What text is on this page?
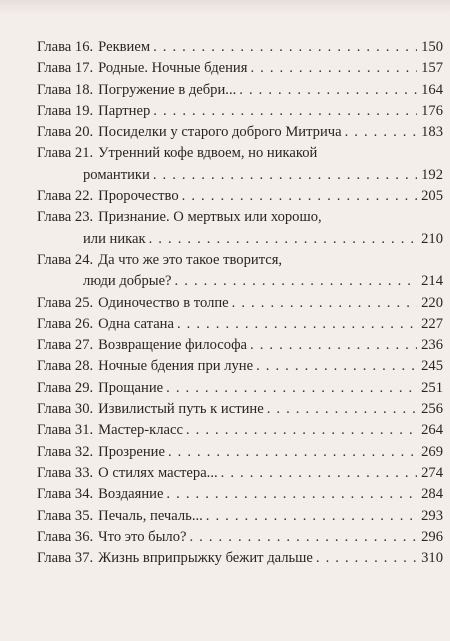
Глава 16. Реквием . . .	150
Глава 17. Родные. Ночные бдения . . .	157
Глава 18. Погружение в дебри... . . .	164
Глава 19. Партнер . . .	176
Глава 20. Посиделки у старого доброго Митрича . . .	183
Глава 21. Утренний кофе вдвоем, но никакой
романтики . . .	192
Глава 22. Пророчество . . .	205
Глава 23. Признание. О мертвых или хорошо,
или никак . . .	210
Глава 24. Да что же это такое творится,
люди добрые? . . .	214
Глава 25. Одиночество в толпе . . .	220
Глава 26. Одна сатана . . .	227
Глава 27. Возвращение философа . . .	236
Глава 28. Ночные бдения при луне . . .	245
Глава 29. Прощание . . .	251
Глава 30. Извилистый путь к истине . . .	256
Глава 31. Мастер-класс . . .	264
Глава 32. Прозрение . . .	269
Глава 33. О стилях мастера... . . .	274
Глава 34. Воздаяние . . .	284
Глава 35. Печаль, печаль... . . .	293
Глава 36. Что это было? . . .	296
Глава 37. Жизнь вприпрыжку бежит дальше . . .	310
